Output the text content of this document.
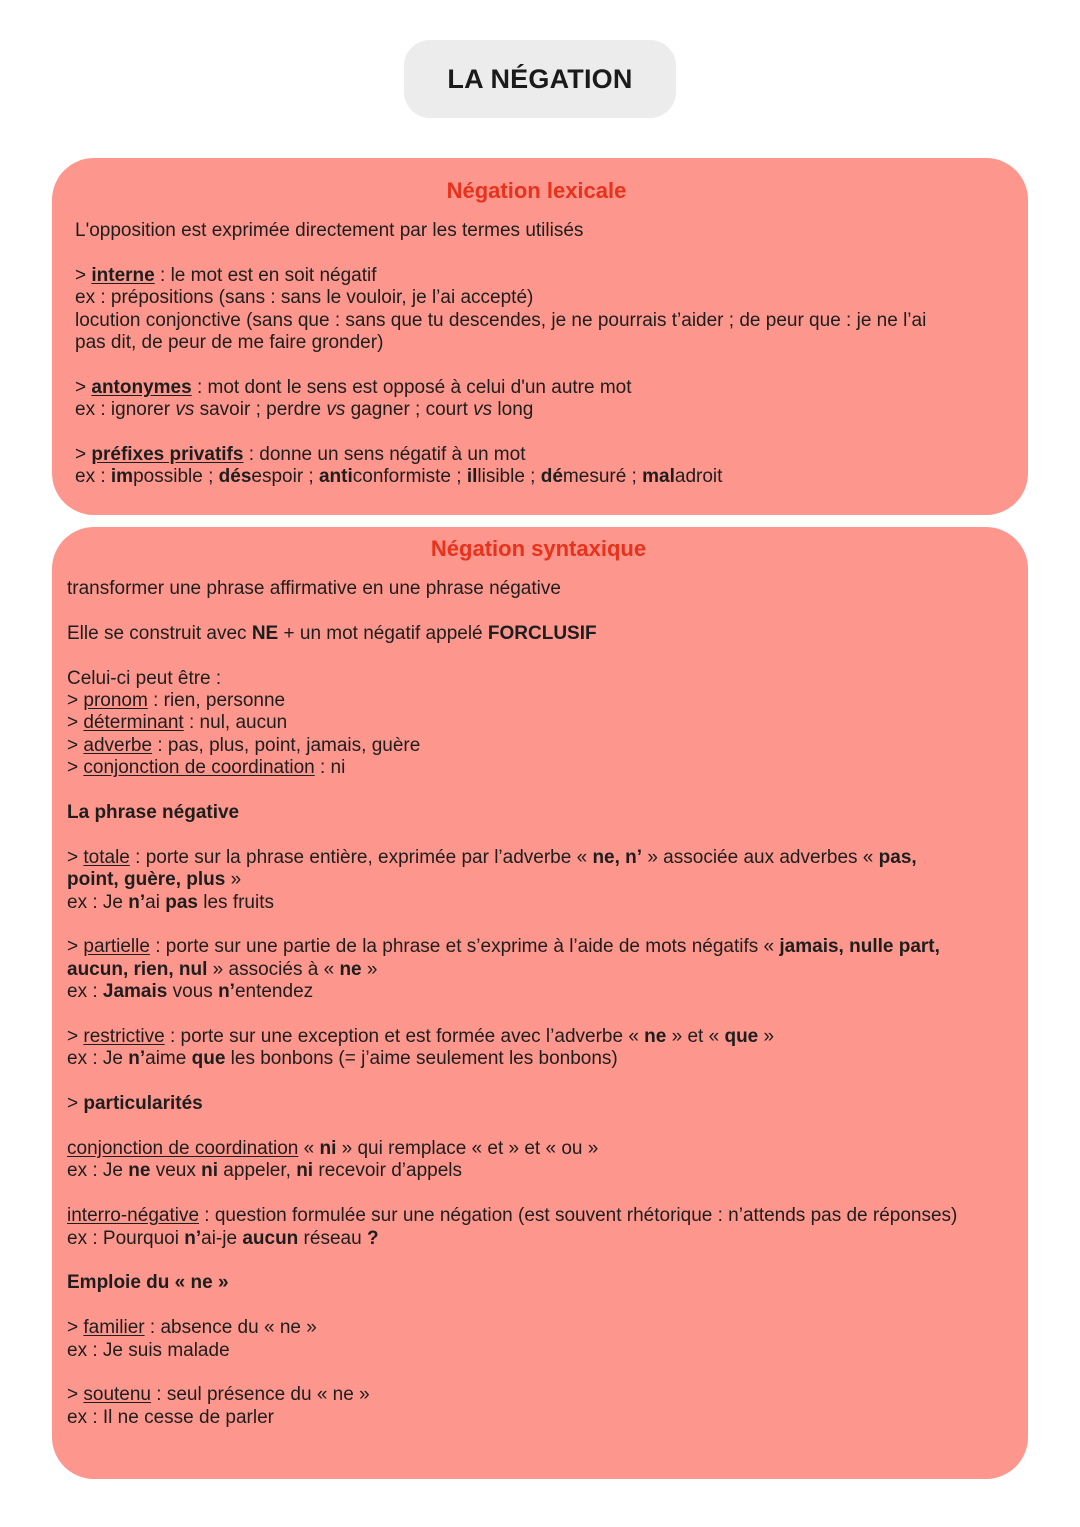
LA NÉGATION
Négation lexicale

L'opposition est exprimée directement par les termes utilisés

> interne : le mot est en soit négatif

ex : prépositions (sans : sans le vouloir, je l’ai accepté)

locution conjonctive (sans que : sans que tu descendes, je ne pourrais t’aider ; de peur que : je ne l’ai

pas dit, de peur de me faire gronder)

> antonymes : mot dont le sens est opposé à celui d'un autre mot

ex : ignorer vs savoir ; perdre vs gagner ; court vs long

> préfixes privatifs : donne un sens négatif à un mot

ex : impossible ; désespoir ; anticonformiste ; illisible ; démesuré ; maladroit

Négation syntaxique

transformer une phrase affirmative en une phrase négative

Elle se construit avec NE + un mot négatif appelé FORCLUSIF

Celui-ci peut être :

> pronom : rien, personne

> déterminant : nul, aucun

> adverbe : pas, plus, point, jamais, guère

> conjonction de coordination : ni

La phrase négative

> totale : porte sur la phrase entière, exprimée par l’adverbe « ne, n’ » associée aux adverbes « pas,

point, guère, plus »

ex : Je n’ai pas les fruits

> partielle : porte sur une partie de la phrase et s’exprime à l’aide de mots négatifs « jamais, nulle part,

aucun, rien, nul » associés à « ne »

ex : Jamais vous n’entendez

> restrictive : porte sur une exception et est formée avec l’adverbe « ne » et « que »

ex : Je n’aime que les bonbons (= j’aime seulement les bonbons)

> particularités

conjonction de coordination « ni » qui remplace « et » et « ou »

ex : Je ne veux ni appeler, ni recevoir d’appels

interro-négative : question formulée sur une négation (est souvent rhétorique : n’attends pas de réponses)

ex : Pourquoi n’ai-je aucun réseau ?

Emploie du « ne »

> familier : absence du « ne »

ex : Je suis malade

> soutenu : seul présence du « ne »

ex : Il ne cesse de parler
